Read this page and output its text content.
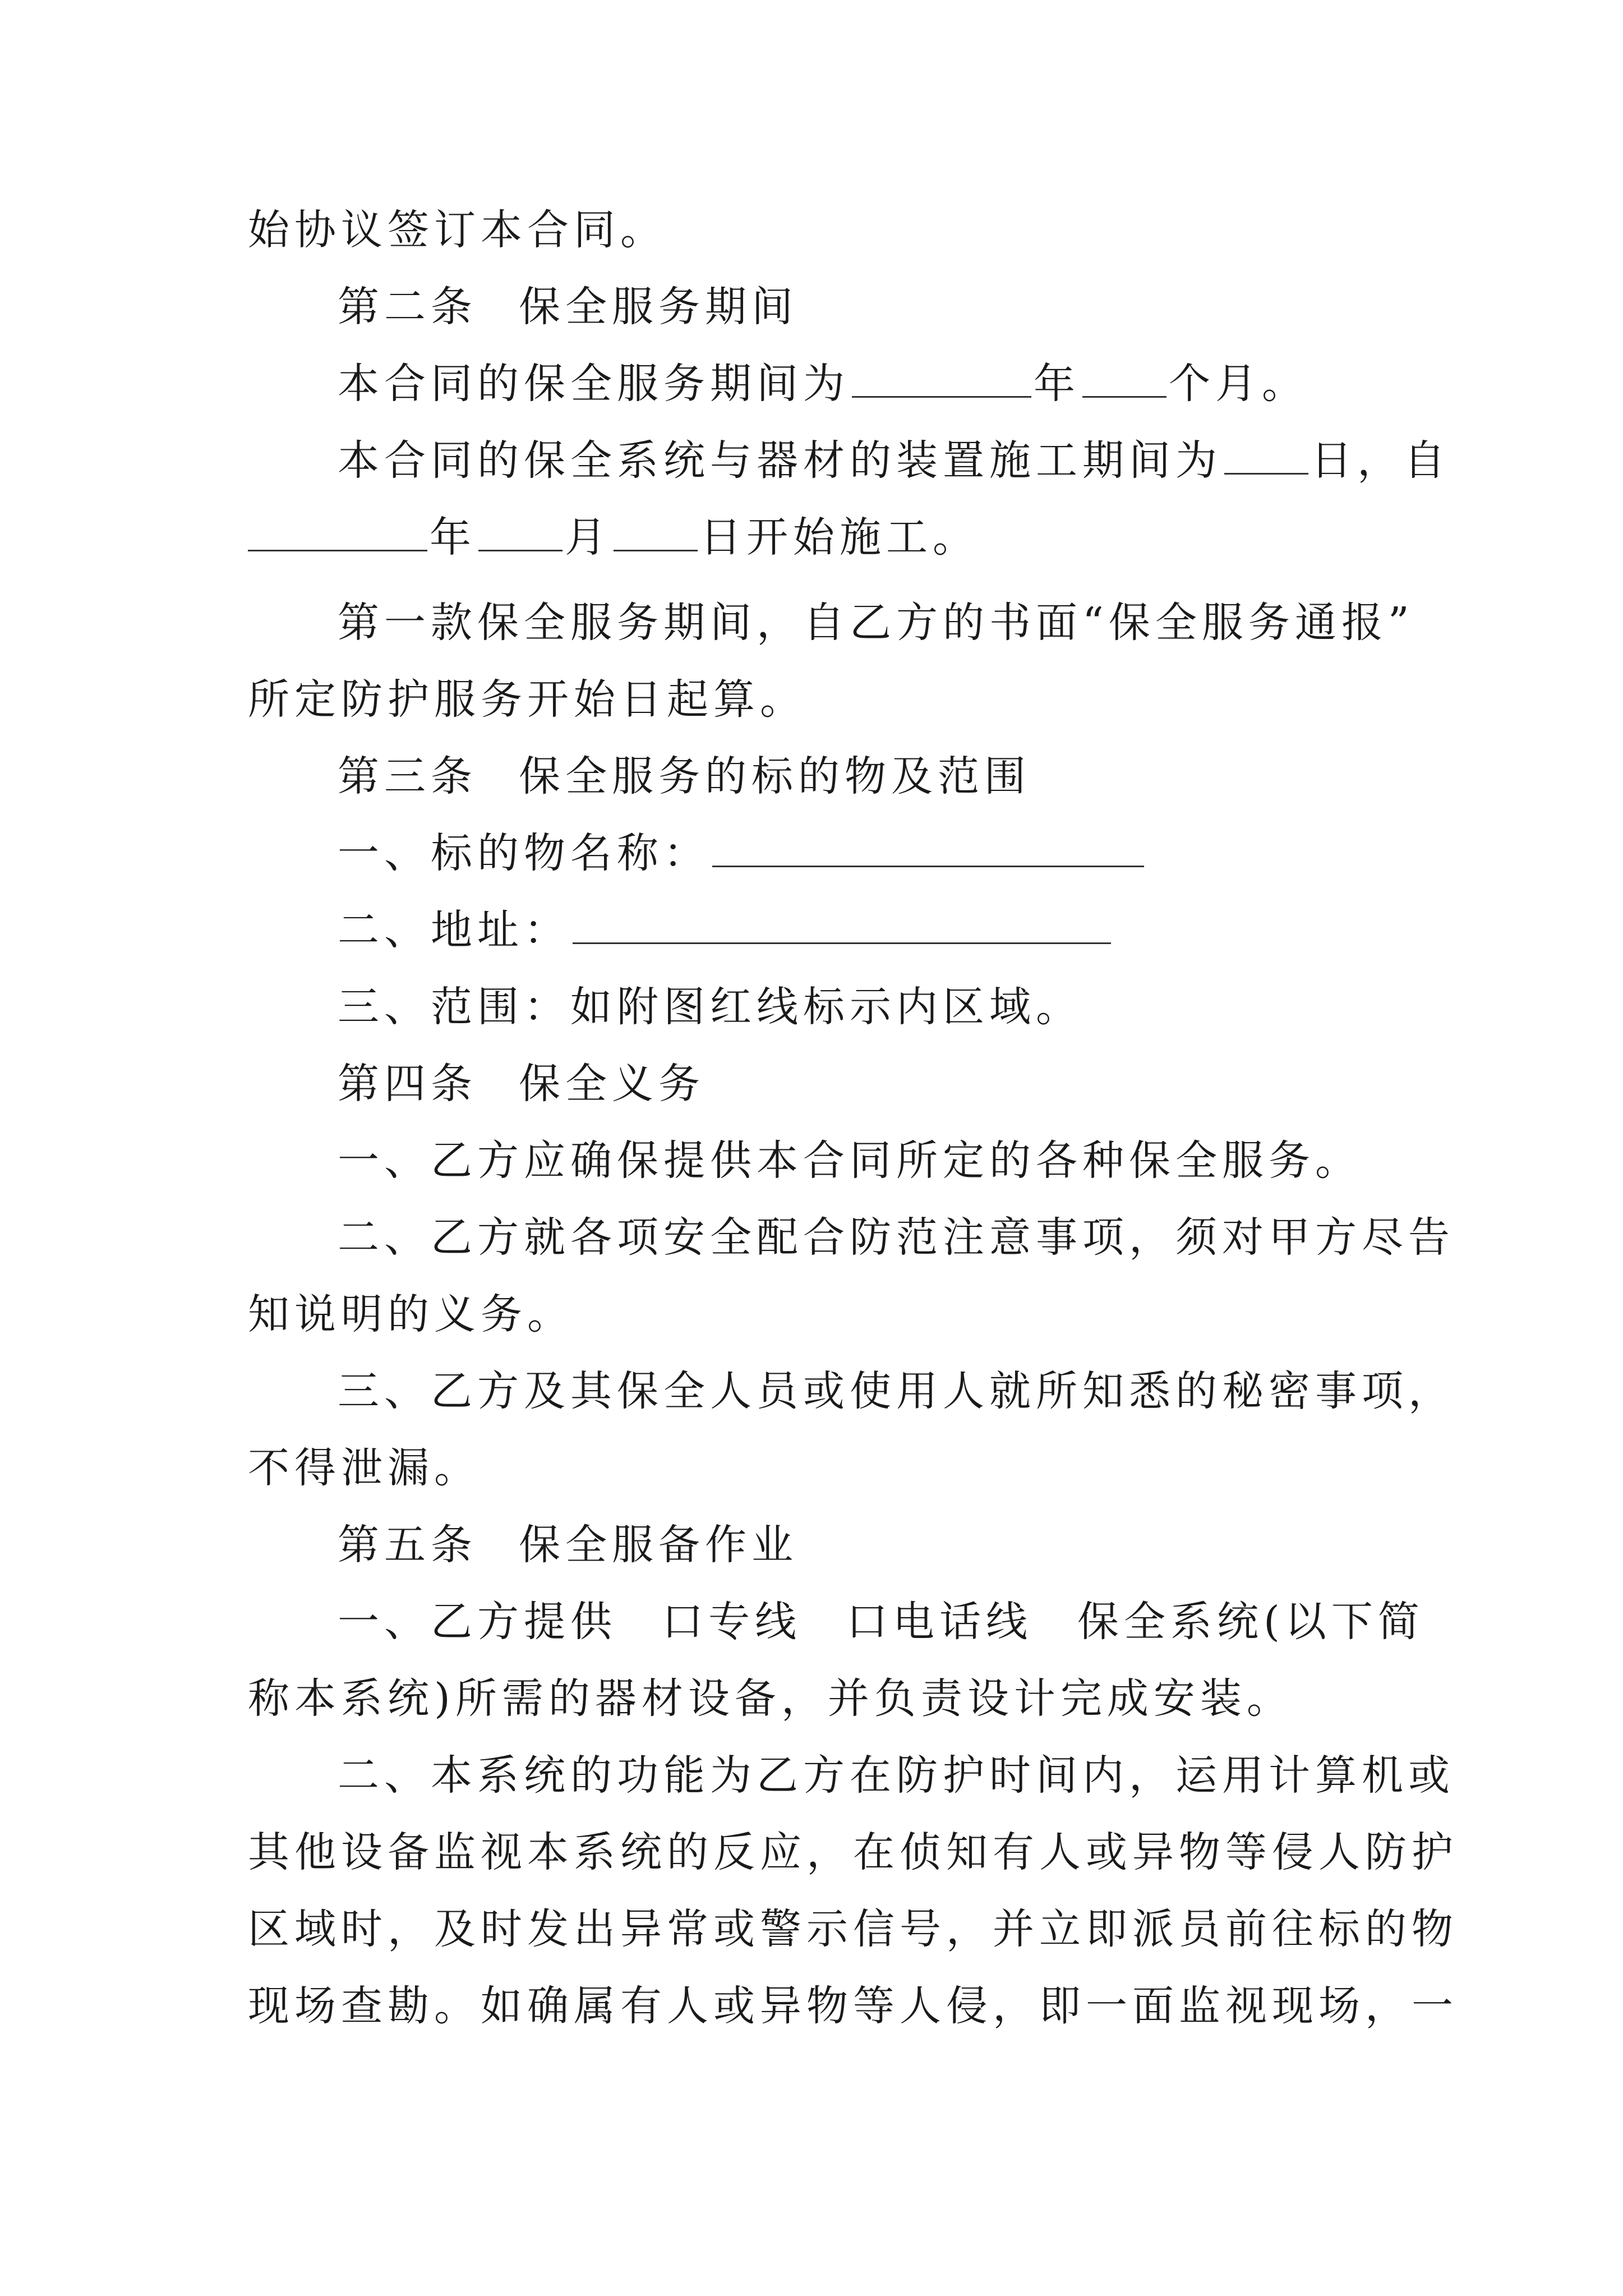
始协议签订本合同。
第二条 保全服务期间
本合同的保全服务期间为	年 个月。
本合同的保全系统与器材的装置施工期间为 日，自
年 月 日开始施工。
第一款保全服务期间，自乙方的书面“保全服务通报”
所定防护服务开始日起算。
第三条 保全服务的标的物及范围
一、标的物名称：
二、地址：
三、范围：如附图红线标示内区域。
第四条 保全义务
一、乙方应确保提供本合同所定的各种保全服务。
二、乙方就各项安全配合防范注意事项，须对甲方尽告
知说明的义务。
三、乙方及其保全人员或使用人就所知悉的秘密事项，
不得泄漏。
第五条 保全服备作业
一、乙方提供 口专线 口电话线 保全系统(以下简
称本系统)所需的器材设备，并负责设计完成安装。
二、本系统的功能为乙方在防护时间内，运用计算机或
其他设备监视本系统的反应，在侦知有人或异物等侵人防护
区域时，及时发出异常或警示信号，并立即派员前往标的物
现场查勘。如确属有人或异物等人侵，即一面监视现场，一
